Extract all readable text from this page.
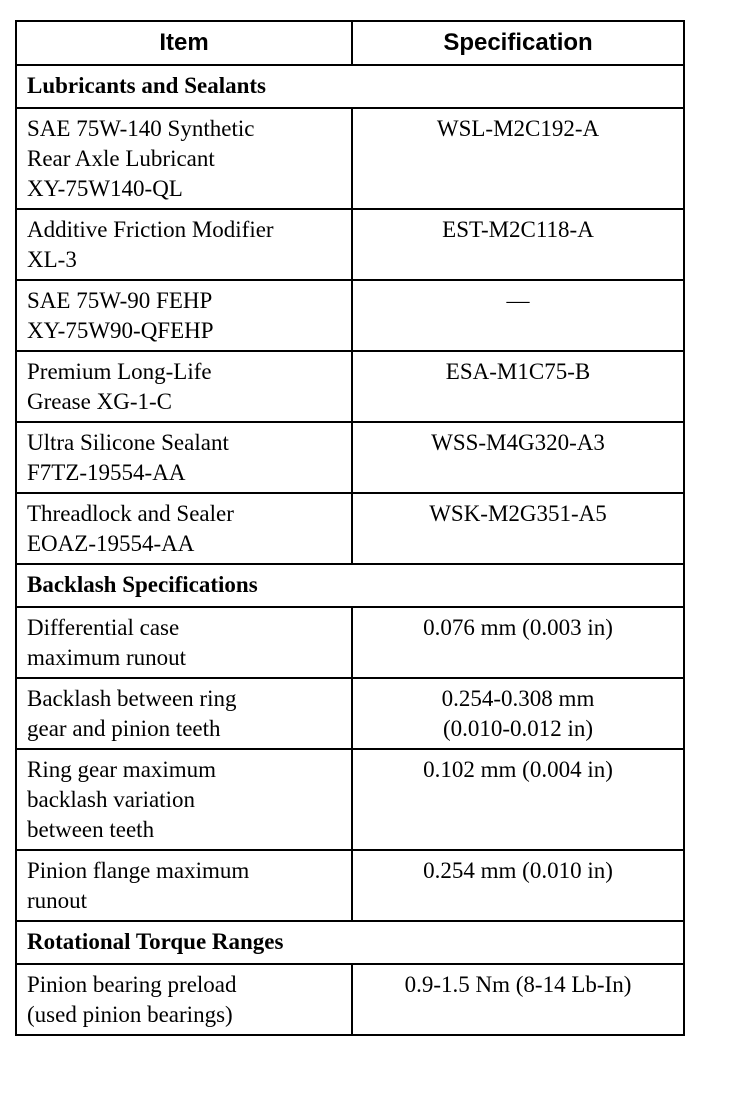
Item	Specification
Lubricants and Sealants	

SAE 75W-140 Synthetic
Rear Axle Lubricant
XY-75W140-QL	WSL-M2C192-A

Additive Friction Modifier
XL-3	EST-M2C118-A

SAE 75W-90 FEHP
XY-75W90-QFEHP	—

Premium Long-Life
Grease XG-1-C	ESA-M1C75-B

Ultra Silicone Sealant
F7TZ-19554-AA	WSS-M4G320-A3

Threadlock and Sealer
EOAZ-19554-AA	WSK-M2G351-A5

Backlash Specifications	

Differential case
maximum runout	0.076 mm (0.003 in)

Backlash between ring
gear and pinion teeth	0.254-0.308 mm
(0.010-0.012 in)

Ring gear maximum
backlash variation
between teeth	0.102 mm (0.004 in)

Pinion flange maximum
runout	0.254 mm (0.010 in)

Rotational Torque Ranges	

Pinion bearing preload
(used pinion bearings)	0.9-1.5 Nm (8-14 Lb-In)
